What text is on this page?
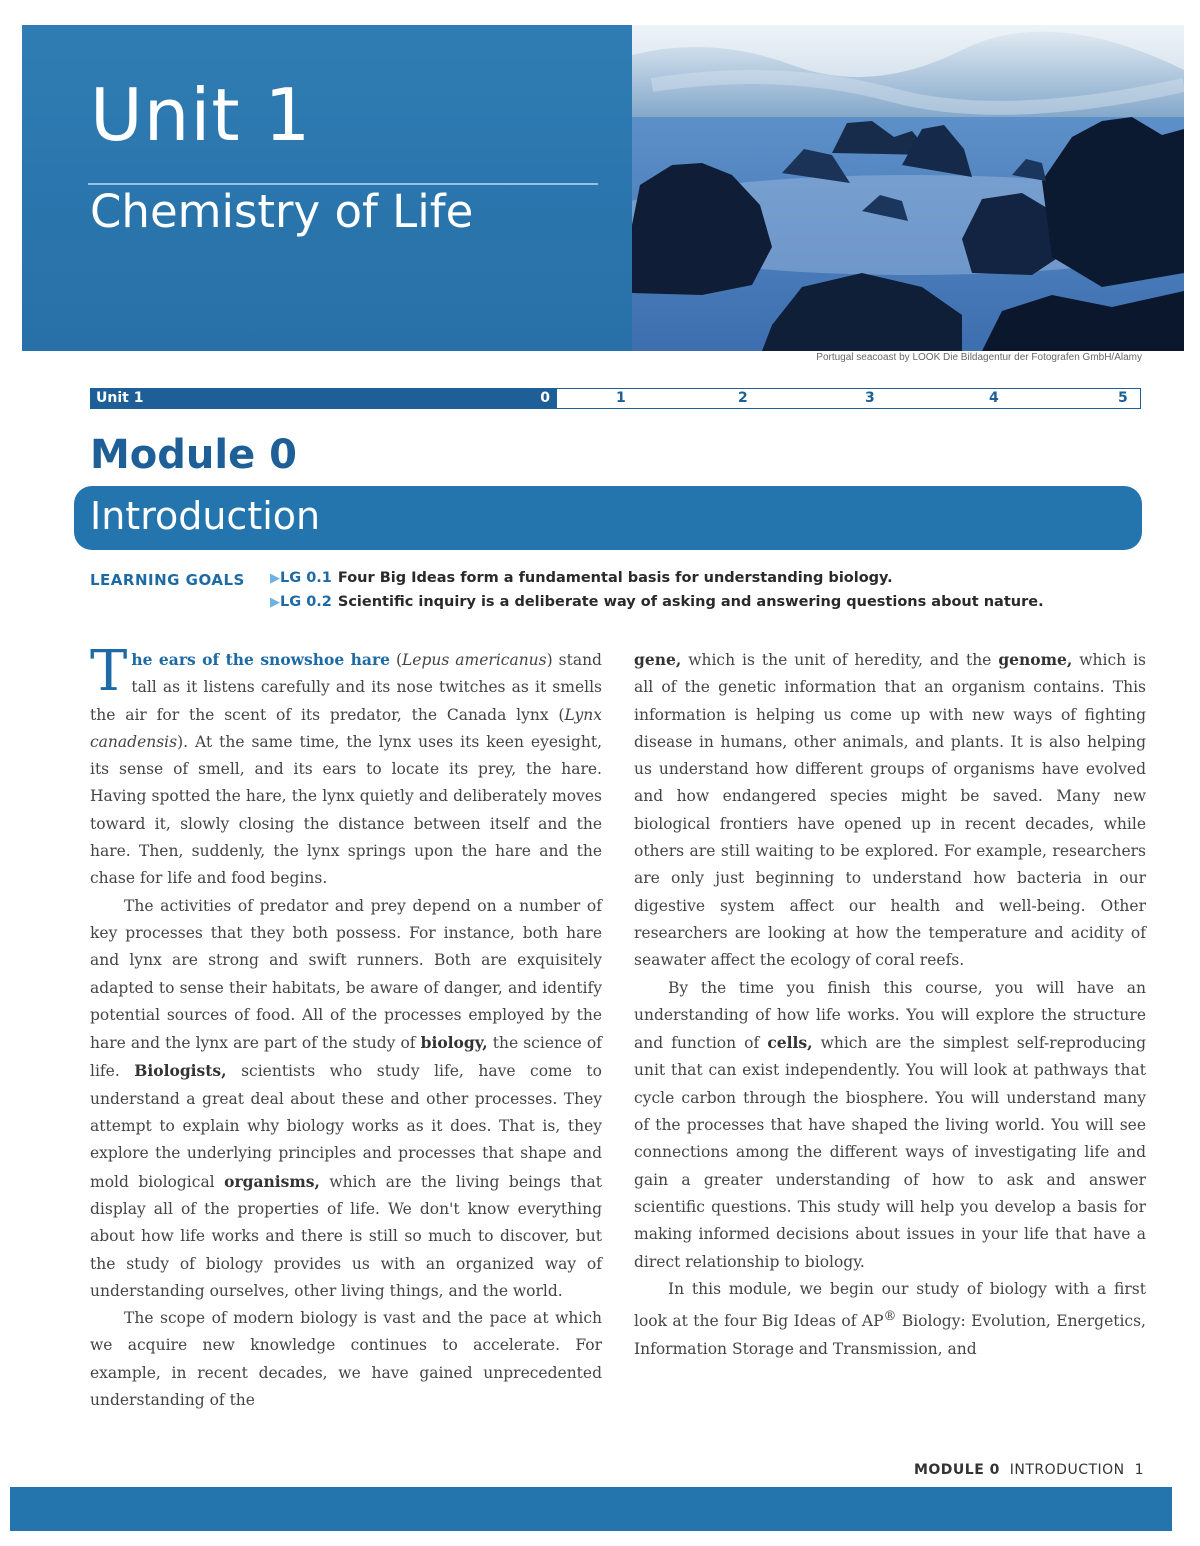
Unit 1
Chemistry of Life
Portugal seacoast by LOOK Die Bildagentur der Fotografen GmbH/Alamy
Unit 1	0	1	2	3	4	5
Module 0
Introduction
LEARNING GOALS ▶LG 0.1 Four Big Ideas form a fundamental basis for understanding biology.
▶LG 0.2 Scientific inquiry is a deliberate way of asking and answering questions about nature.

The ears of the snowshoe hare (Lepus americanus) stand tall as it listens carefully and its nose twitches as it smells the air for the scent of its predator, the Canada lynx (Lynx canadensis). At the same time, the lynx uses its keen eyesight, its sense of smell, and its ears to locate its prey, the hare. Having spotted the hare, the lynx quietly and deliberately moves toward it, slowly closing the distance between itself and the hare. Then, suddenly, the lynx springs upon the hare and the chase for life and food begins.

The activities of predator and prey depend on a number of key processes that they both possess. For instance, both hare and lynx are strong and swift runners. Both are exquisitely adapted to sense their habitats, be aware of danger, and identify potential sources of food. All of the processes employed by the hare and the lynx are part of the study of biology, the science of life. Biologists, scientists who study life, have come to understand a great deal about these and other processes. They attempt to explain why biology works as it does. That is, they explore the underlying principles and processes that shape and mold biological organisms, which are the living beings that display all of the properties of life. We don't know everything about how life works and there is still so much to discover, but the study of biology provides us with an organized way of understanding ourselves, other living things, and the world.

The scope of modern biology is vast and the pace at which we acquire new knowledge continues to accelerate. For example, in recent decades, we have gained unprecedented understanding of the

gene, which is the unit of heredity, and the genome, which is all of the genetic information that an organism contains. This information is helping us come up with new ways of fighting disease in humans, other animals, and plants. It is also helping us understand how different groups of organisms have evolved and how endangered species might be saved. Many new biological frontiers have opened up in recent decades, while others are still waiting to be explored. For example, researchers are only just beginning to understand how bacteria in our digestive system affect our health and well-being. Other researchers are looking at how the temperature and acidity of seawater affect the ecology of coral reefs.

By the time you finish this course, you will have an understanding of how life works. You will explore the structure and function of cells, which are the simplest self-reproducing unit that can exist independently. You will look at pathways that cycle carbon through the biosphere. You will understand many of the processes that have shaped the living world. You will see connections among the different ways of investigating life and gain a greater understanding of how to ask and answer scientific questions. This study will help you develop a basis for making informed decisions about issues in your life that have a direct relationship to biology.

In this module, we begin our study of biology with a first look at the four Big Ideas of AP® Biology: Evolution, Energetics, Information Storage and Transmission, and

MODULE 0 INTRODUCTION 1
